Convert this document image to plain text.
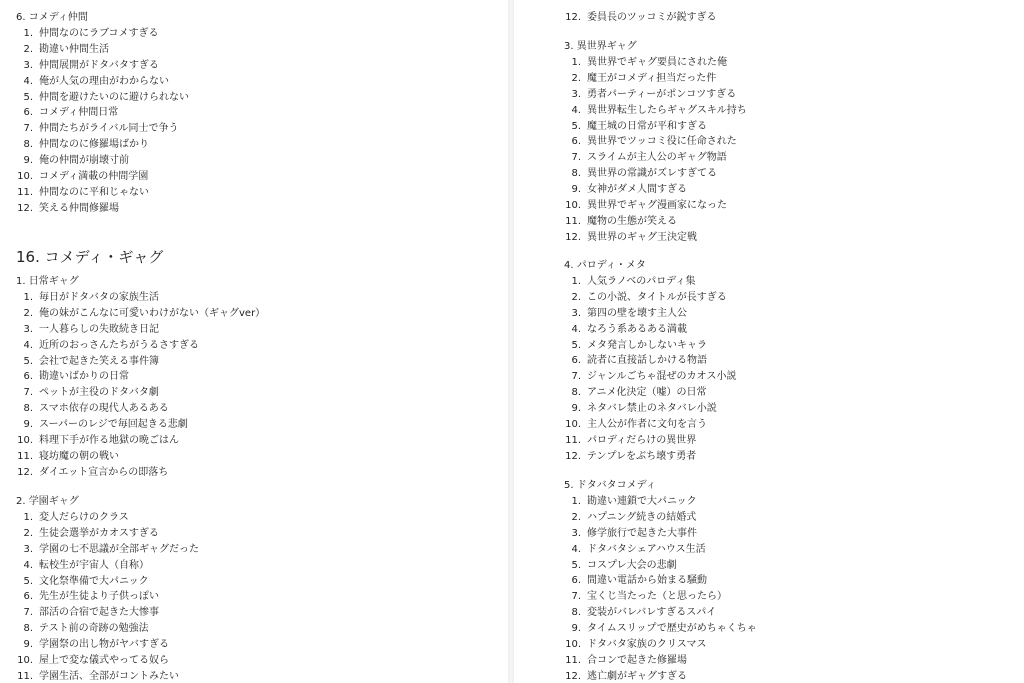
6. コメディ仲間
1. 仲間なのにラブコメすぎる
2. 勘違い仲間生活
3. 仲間展開がドタバタすぎる
4. 俺が人気の理由がわからない
5. 仲間を避けたいのに避けられない
6. コメディ仲間日常
7. 仲間たちがライバル同士で争う
8. 仲間なのに修羅場ばかり
9. 俺の仲間が崩壊寸前
10. コメディ満載の仲間学園
11. 仲間なのに平和じゃない
12. 笑える仲間修羅場
16. コメディ・ギャグ
1. 日常ギャグ
1. 毎日がドタバタの家族生活
2. 俺の妹がこんなに可愛いわけがない（ギャグver）
3. 一人暮らしの失敗続き日記
4. 近所のおっさんたちがうるさすぎる
5. 会社で起きた笑える事件簿
6. 勘違いばかりの日常
7. ペットが主役のドタバタ劇
8. スマホ依存の現代人あるある
9. スーパーのレジで毎回起きる悲劇
10. 料理下手が作る地獄の晩ごはん
11. 寝坊魔の朝の戦い
12. ダイエット宣言からの即落ち
2. 学園ギャグ
1. 変人だらけのクラス
2. 生徒会選挙がカオスすぎる
3. 学園の七不思議が全部ギャグだった
4. 転校生が宇宙人（自称）
5. 文化祭準備で大パニック
6. 先生が生徒より子供っぽい
7. 部活の合宿で起きた大惨事
8. テスト前の奇跡の勉強法
9. 学園祭の出し物がヤバすぎる
10. 屋上で変な儀式やってる奴ら
11. 学園生活、全部がコントみたい
12. 委員長のツッコミが鋭すぎる
3. 異世界ギャグ
1. 異世界でギャグ要員にされた俺
2. 魔王がコメディ担当だった件
3. 勇者パーティーがポンコツすぎる
4. 異世界転生したらギャグスキル持ち
5. 魔王城の日常が平和すぎる
6. 異世界でツッコミ役に任命された
7. スライムが主人公のギャグ物語
8. 異世界の常識がズレすぎてる
9. 女神がダメ人間すぎる
10. 異世界でギャグ漫画家になった
11. 魔物の生態が笑える
12. 異世界のギャグ王決定戦
4. パロディ・メタ
1. 人気ラノベのパロディ集
2. この小説、タイトルが長すぎる
3. 第四の壁を壊す主人公
4. なろう系あるある満載
5. メタ発言しかしないキャラ
6. 読者に直接話しかける物語
7. ジャンルごちゃ混ぜのカオス小説
8. アニメ化決定（嘘）の日常
9. ネタバレ禁止のネタバレ小説
10. 主人公が作者に文句を言う
11. パロディだらけの異世界
12. テンプレをぶち壊す勇者
5. ドタバタコメディ
1. 勘違い連鎖で大パニック
2. ハプニング続きの結婚式
3. 修学旅行で起きた大事件
4. ドタバタシェアハウス生活
5. コスプレ大会の悲劇
6. 間違い電話から始まる騒動
7. 宝くじ当たった（と思ったら）
8. 変装がバレバレすぎるスパイ
9. タイムスリップで歴史がめちゃくちゃ
10. ドタバタ家族のクリスマス
11. 合コンで起きた修羅場
12. 逃亡劇がギャグすぎる
